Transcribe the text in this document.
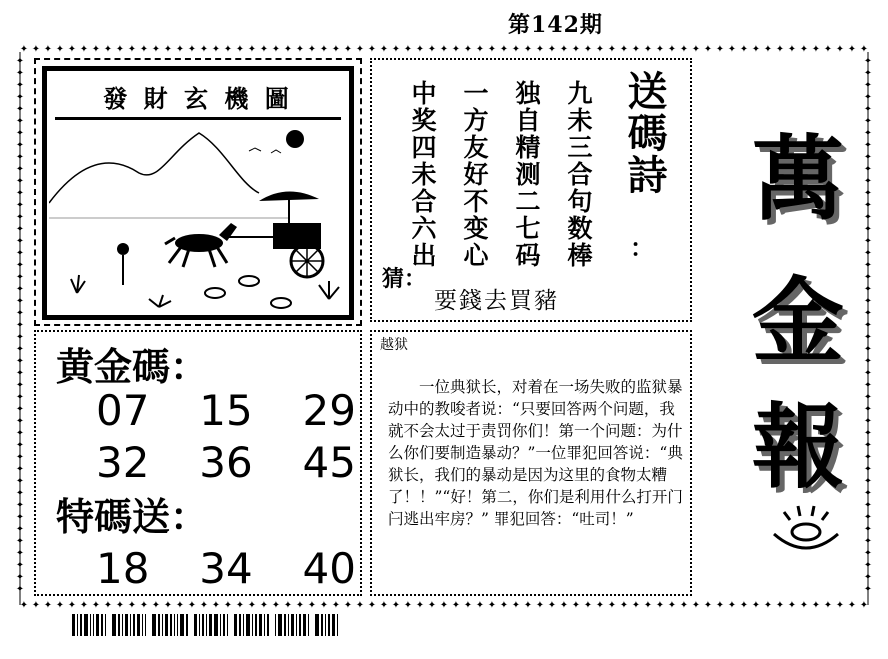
第142期
✦
✦
✦
✦
✦
✦
✦
✦
✦
✦
✦
✦
✦
✦
✦
✦
✦
✦
✦
✦
✦
✦
✦
✦
✦
✦
✦
✦
✦
✦
✦
✦
✦
✦
✦
✦
✦
✦
✦
✦
✦
✦
✦
✦
✦
✦
✦
✦
✦
✦
✦
✦
✦
✦
✦
✦
✦
✦
✦
✦
✦
✦
✦
✦
✦
✦
✦
✦
✦
✦
✦
✦
✦
✦
✦
✦
✦
✦
✦
✦
✦
✦
✦
✦
✦
✦
✦
✦
✦
✦
✦
✦
✦
✦
✦
✦
✦
✦
✦
✦
✦
✦
✦
✦
✦
✦
✦
✦
✦
✦
✦
✦
✦
✦
✦
✦
✦
✦
✦
✦
✦
✦
✦
✦
✦
✦
✦
✦
✦
✦
✦
✦
✦
✦
✦
✦
✦
✦
✦
✦
✦
✦
✦	✦
✦	✦
✦	✦
✦	✦
✦	✦
✦	✦
✦	✦
✦	✦
✦	✦
✦	✦
✦	✦
✦	✦
✦	✦
✦	✦
✦	✦
✦	✦
✦	✦
✦	✦
✦	✦
✦	✦
✦	✦
✦	✦
✦	✦
✦	✦
✦	✦
✦	✦
✦	✦
✦	✦
✦	✦
✦	✦
✦	✦
✦	✦
✦	✦
✦	✦
✦	✦
✦	✦
✦	✦
✦	✦
✦	✦
✦	✦
✦	✦
✦	✦
✦	✦
✦	✦
✦	✦
發 財 玄 機 圖	九未三合句数棒
独自精测二七码
一方友好不变心
中奖四未合六出	送碼詩
：
猜：
要錢去買豬
黄金碼：
07 15 29
32 36 45
特碼送：
18 34 40
越狱

一位典狱长，对着在一场失败的监狱暴动中的教唆者说：“只要回答两个问题，我就不会太过于责罚你们！第一个问题：为什么你们要制造暴动？”一位罪犯回答说：“典狱长，我们的暴动是因为这里的食物太糟了！！”“好！第二，你们是利用什么打开门闩逃出牢房？” 罪犯回答：“吐司！”

萬
金
報
